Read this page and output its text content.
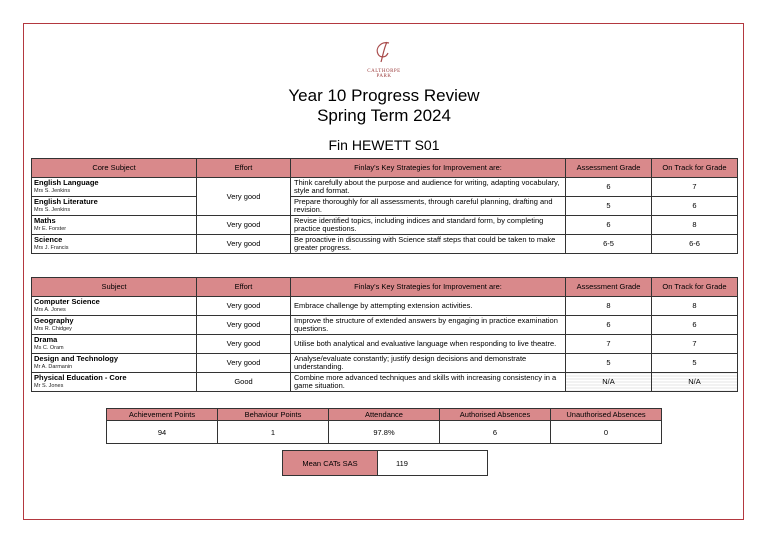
CALTHORPE
PARK
Year 10 Progress Review
Spring Term 2024
Fin HEWETT S01
Core Subject	Effort	Finlay's Key Strategies for Improvement are:	Assessment Grade	On Track for Grade

English Language
Mrs S. Jenkins	Very good	Think carefully about the purpose and audience for writing, adapting vocabulary, style and format.	6	7

English Literature
Mrs S. Jenkins		Prepare thoroughly for all assessments, through careful planning, drafting and revision.	5	6

Maths
Mr E. Forster	Very good	Revise identified topics, including indices and standard form, by completing practice questions.	6	8

Science
Mrs J. Francis	Very good	Be proactive in discussing with Science staff steps that could be taken to make greater progress.	6-5	6-6
Subject	Effort	Finlay's Key Strategies for Improvement are:	Assessment Grade	On Track for Grade

Computer Science
Mrs A. Jones	Very good	Embrace challenge by attempting extension activities.	8	8

Geography
Mrs R. Chidgey	Very good	Improve the structure of extended answers by engaging in practice examination questions.	6	6

Drama
Ms C. Oram	Very good	Utilise both analytical and evaluative language when responding to live theatre.	7	7

Design and Technology
Mr A. Darmanin	Very good	Analyse/evaluate constantly; justify design decisions and demonstrate understanding.	5	5

Physical Education - Core
Mr S. Jones	Good	Combine more advanced techniques and skills with increasing consistency in a game situation.	N/A	N/A
Achievement Points	Behaviour Points	Attendance	Authorised Absences	Unauthorised Absences
94	1	97.8%	6	0
Mean CATs SAS	119
